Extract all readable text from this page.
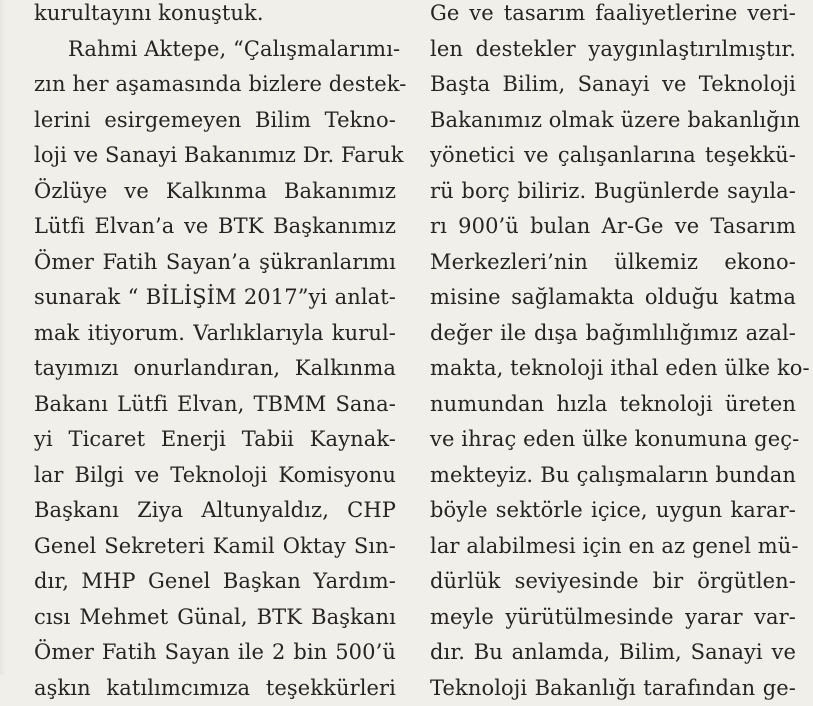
kurultayını konuştuk.
Rahmi Aktepe, “Çalışmalarımı-
zın her aşamasında bizlere destek-
lerini esirgemeyen Bilim Tekno-
loji ve Sanayi Bakanımız Dr. Faruk
Özlüye ve Kalkınma Bakanımız
Lütfi Elvan’a ve BTK Başkanımız
Ömer Fatih Sayan’a şükranlarımı
sunarak “ BİLİŞİM 2017”yi anlat-
mak itiyorum. Varlıklarıyla kurul-
tayımızı onurlandıran, Kalkınma
Bakanı Lütfi Elvan, TBMM Sana-
yi Ticaret Enerji Tabii Kaynak-
lar Bilgi ve Teknoloji Komisyonu
Başkanı Ziya Altunyaldız, CHP
Genel Sekreteri Kamil Oktay Sın-
dır, MHP Genel Başkan Yardım-
cısı Mehmet Günal, BTK Başkanı
Ömer Fatih Sayan ile 2 bin 500’ü
aşkın katılımcımıza teşekkürleri
Ge ve tasarım faaliyetlerine veri-
len destekler yaygınlaştırılmıştır.
Başta Bilim, Sanayi ve Teknoloji
Bakanımız olmak üzere bakanlığın
yönetici ve çalışanlarına teşekkü-
rü borç biliriz. Bugünlerde sayıla-
rı 900’ü bulan Ar-Ge ve Tasarım
Merkezleri’nin ülkemiz ekono-
misine sağlamakta olduğu katma
değer ile dışa bağımlılığımız azal-
makta, teknoloji ithal eden ülke ko-
numundan hızla teknoloji üreten
ve ihraç eden ülke konumuna geç-
mekteyiz. Bu çalışmaların bundan
böyle sektörle içice, uygun karar-
lar alabilmesi için en az genel mü-
dürlük seviyesinde bir örgütlen-
meyle yürütülmesinde yarar var-
dır. Bu anlamda, Bilim, Sanayi ve
Teknoloji Bakanlığı tarafından ge-
